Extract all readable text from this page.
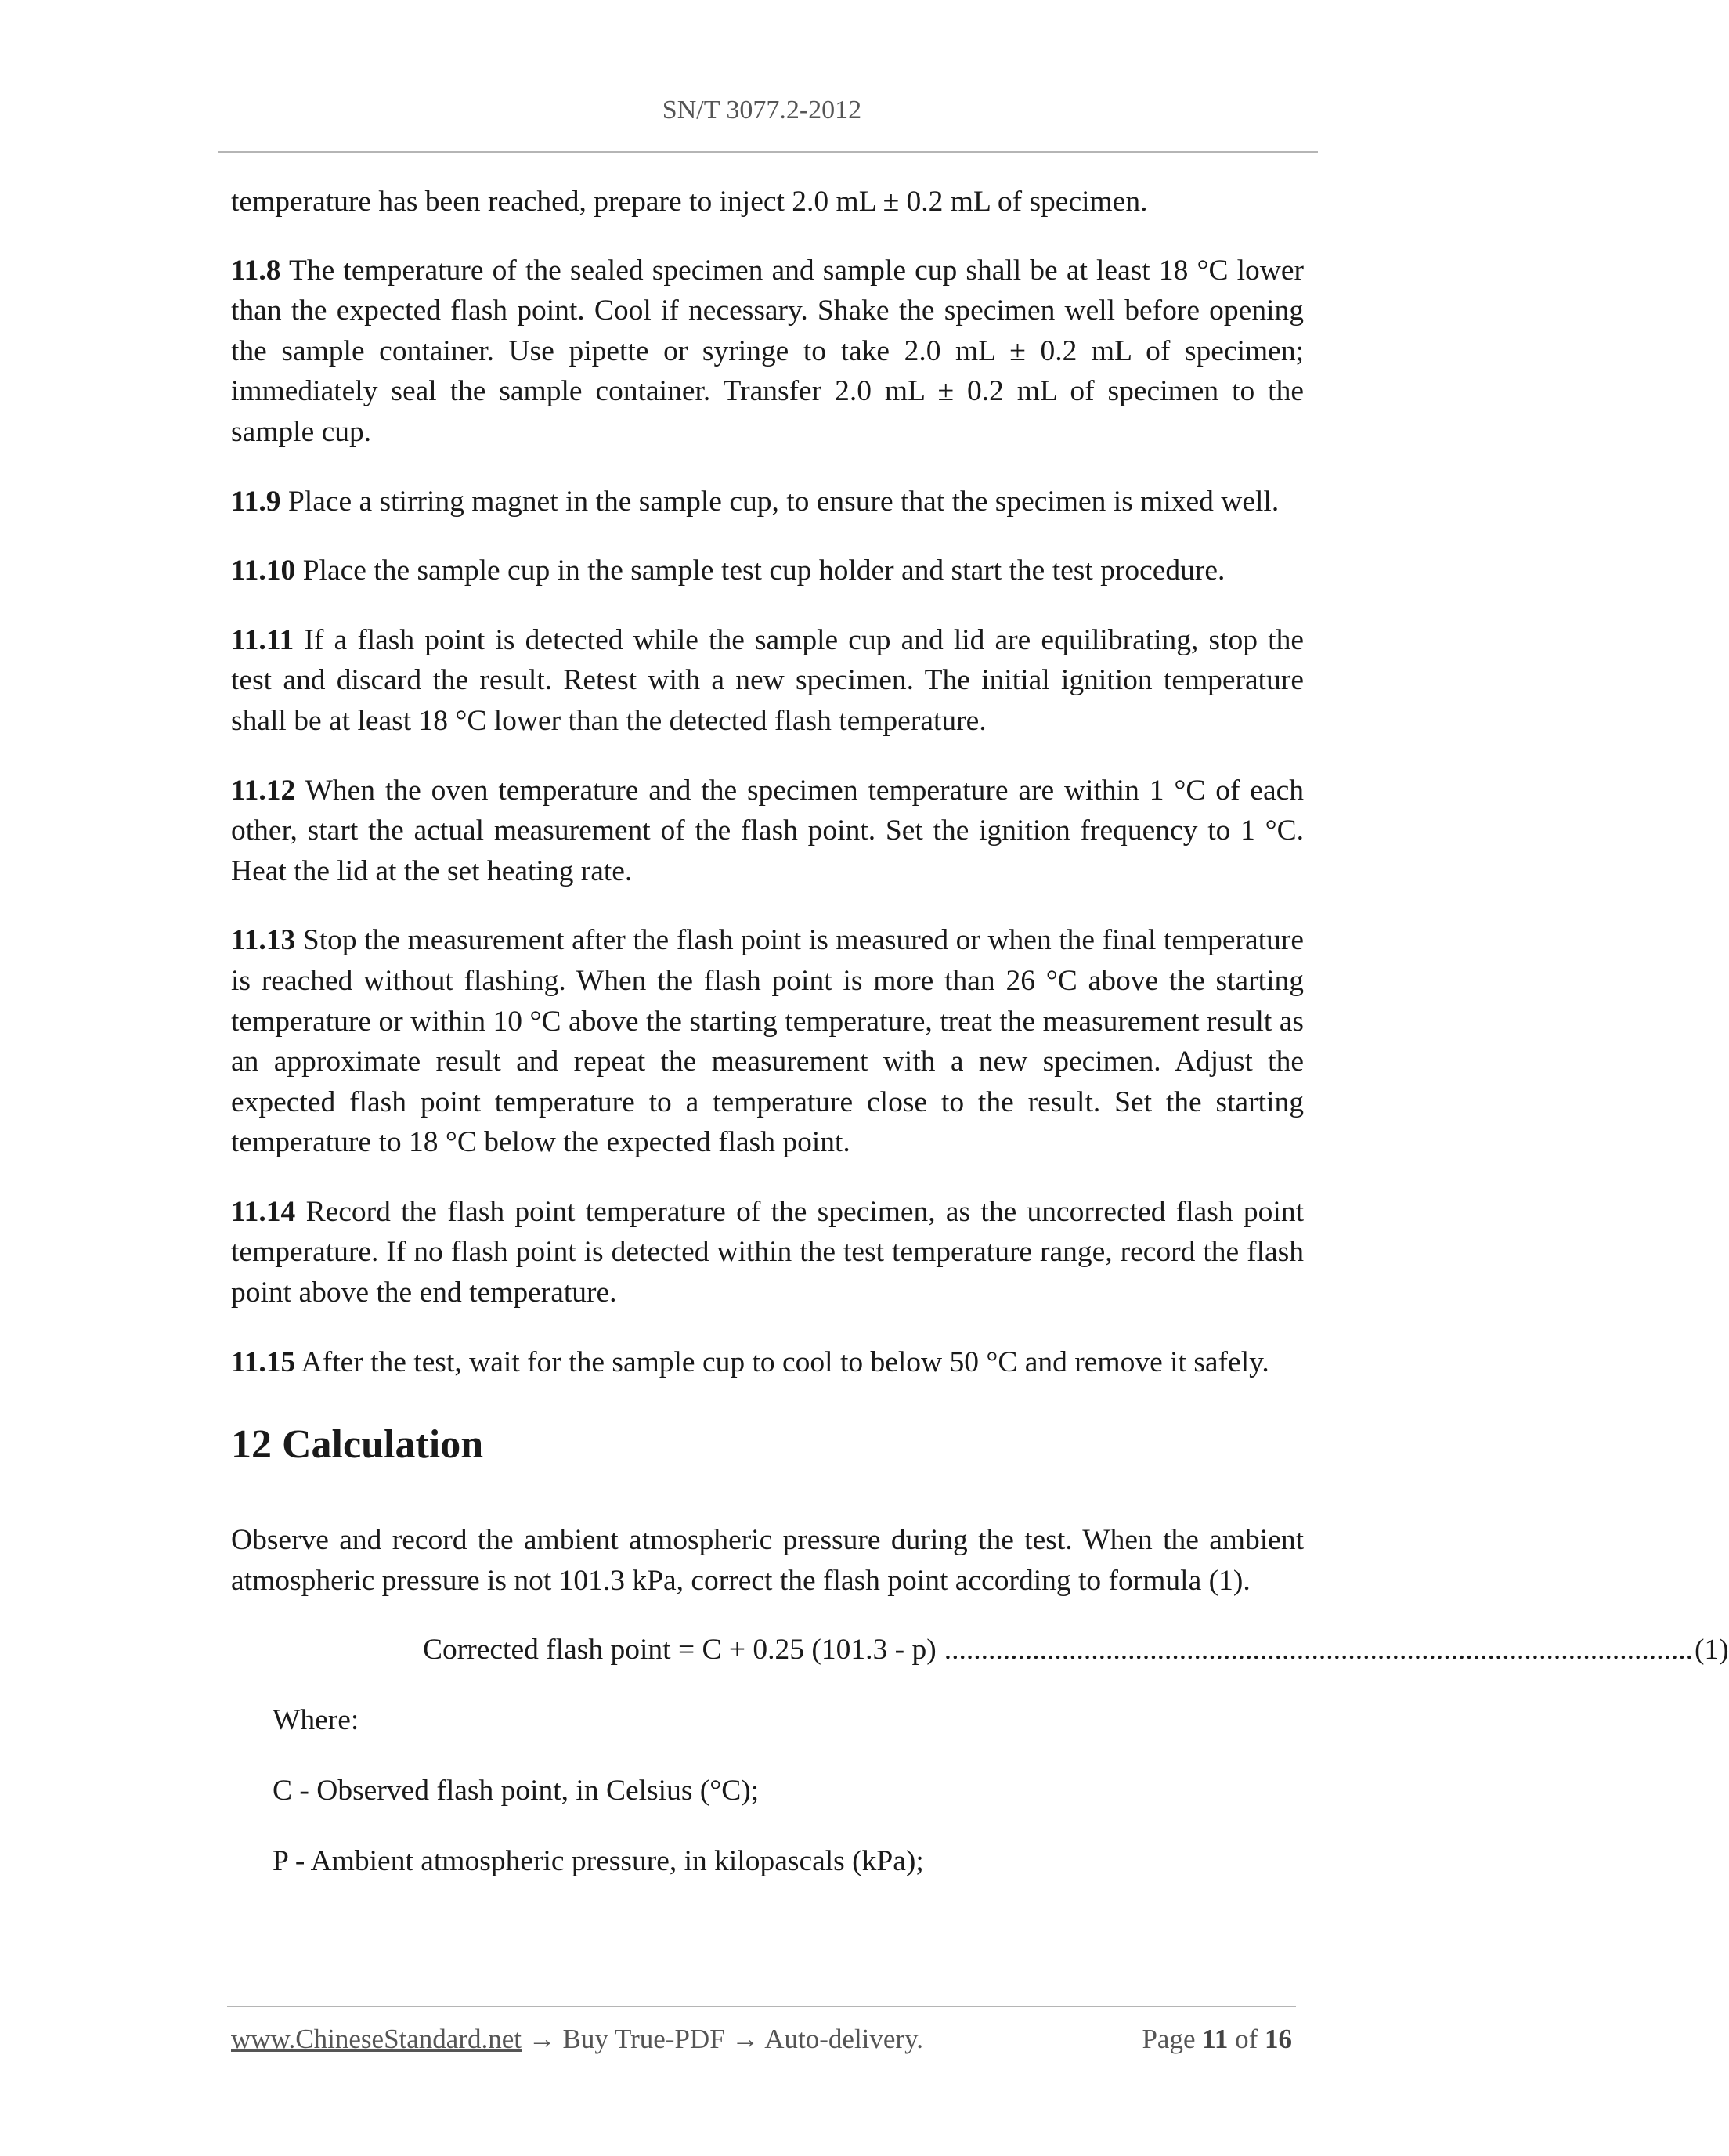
SN/T 3077.2-2012

temperature has been reached, prepare to inject 2.0 mL ± 0.2 mL of specimen.

11.8 The temperature of the sealed specimen and sample cup shall be at least 18 °C lower than the expected flash point. Cool if necessary. Shake the specimen well before opening the sample container. Use pipette or syringe to take 2.0 mL ± 0.2 mL of specimen; immediately seal the sample container. Transfer 2.0 mL ± 0.2 mL of specimen to the sample cup.

11.9 Place a stirring magnet in the sample cup, to ensure that the specimen is mixed well.

11.10 Place the sample cup in the sample test cup holder and start the test procedure.

11.11 If a flash point is detected while the sample cup and lid are equilibrating, stop the test and discard the result. Retest with a new specimen. The initial ignition temperature shall be at least 18 °C lower than the detected flash temperature.

11.12 When the oven temperature and the specimen temperature are within 1 °C of each other, start the actual measurement of the flash point. Set the ignition frequency to 1 °C. Heat the lid at the set heating rate.

11.13 Stop the measurement after the flash point is measured or when the final temperature is reached without flashing. When the flash point is more than 26 °C above the starting temperature or within 10 °C above the starting temperature, treat the measurement result as an approximate result and repeat the measurement with a new specimen. Adjust the expected flash point temperature to a temperature close to the result. Set the starting temperature to 18 °C below the expected flash point.

11.14 Record the flash point temperature of the specimen, as the uncorrected flash point temperature. If no flash point is detected within the test temperature range, record the flash point above the end temperature.

11.15 After the test, wait for the sample cup to cool to below 50 °C and remove it safely.

12 Calculation

Observe and record the ambient atmospheric pressure during the test. When the ambient atmospheric pressure is not 101.3 kPa, correct the flash point according to formula (1).

Corrected flash point = C + 0.25 (101.3 - p) ...................................................................................................... (1)
Where:
C - Observed flash point, in Celsius (°C);
P - Ambient atmospheric pressure, in kilopascals (kPa);
www.ChineseStandard.net → Buy True-PDF → Auto-delivery.	Page 11 of 16
